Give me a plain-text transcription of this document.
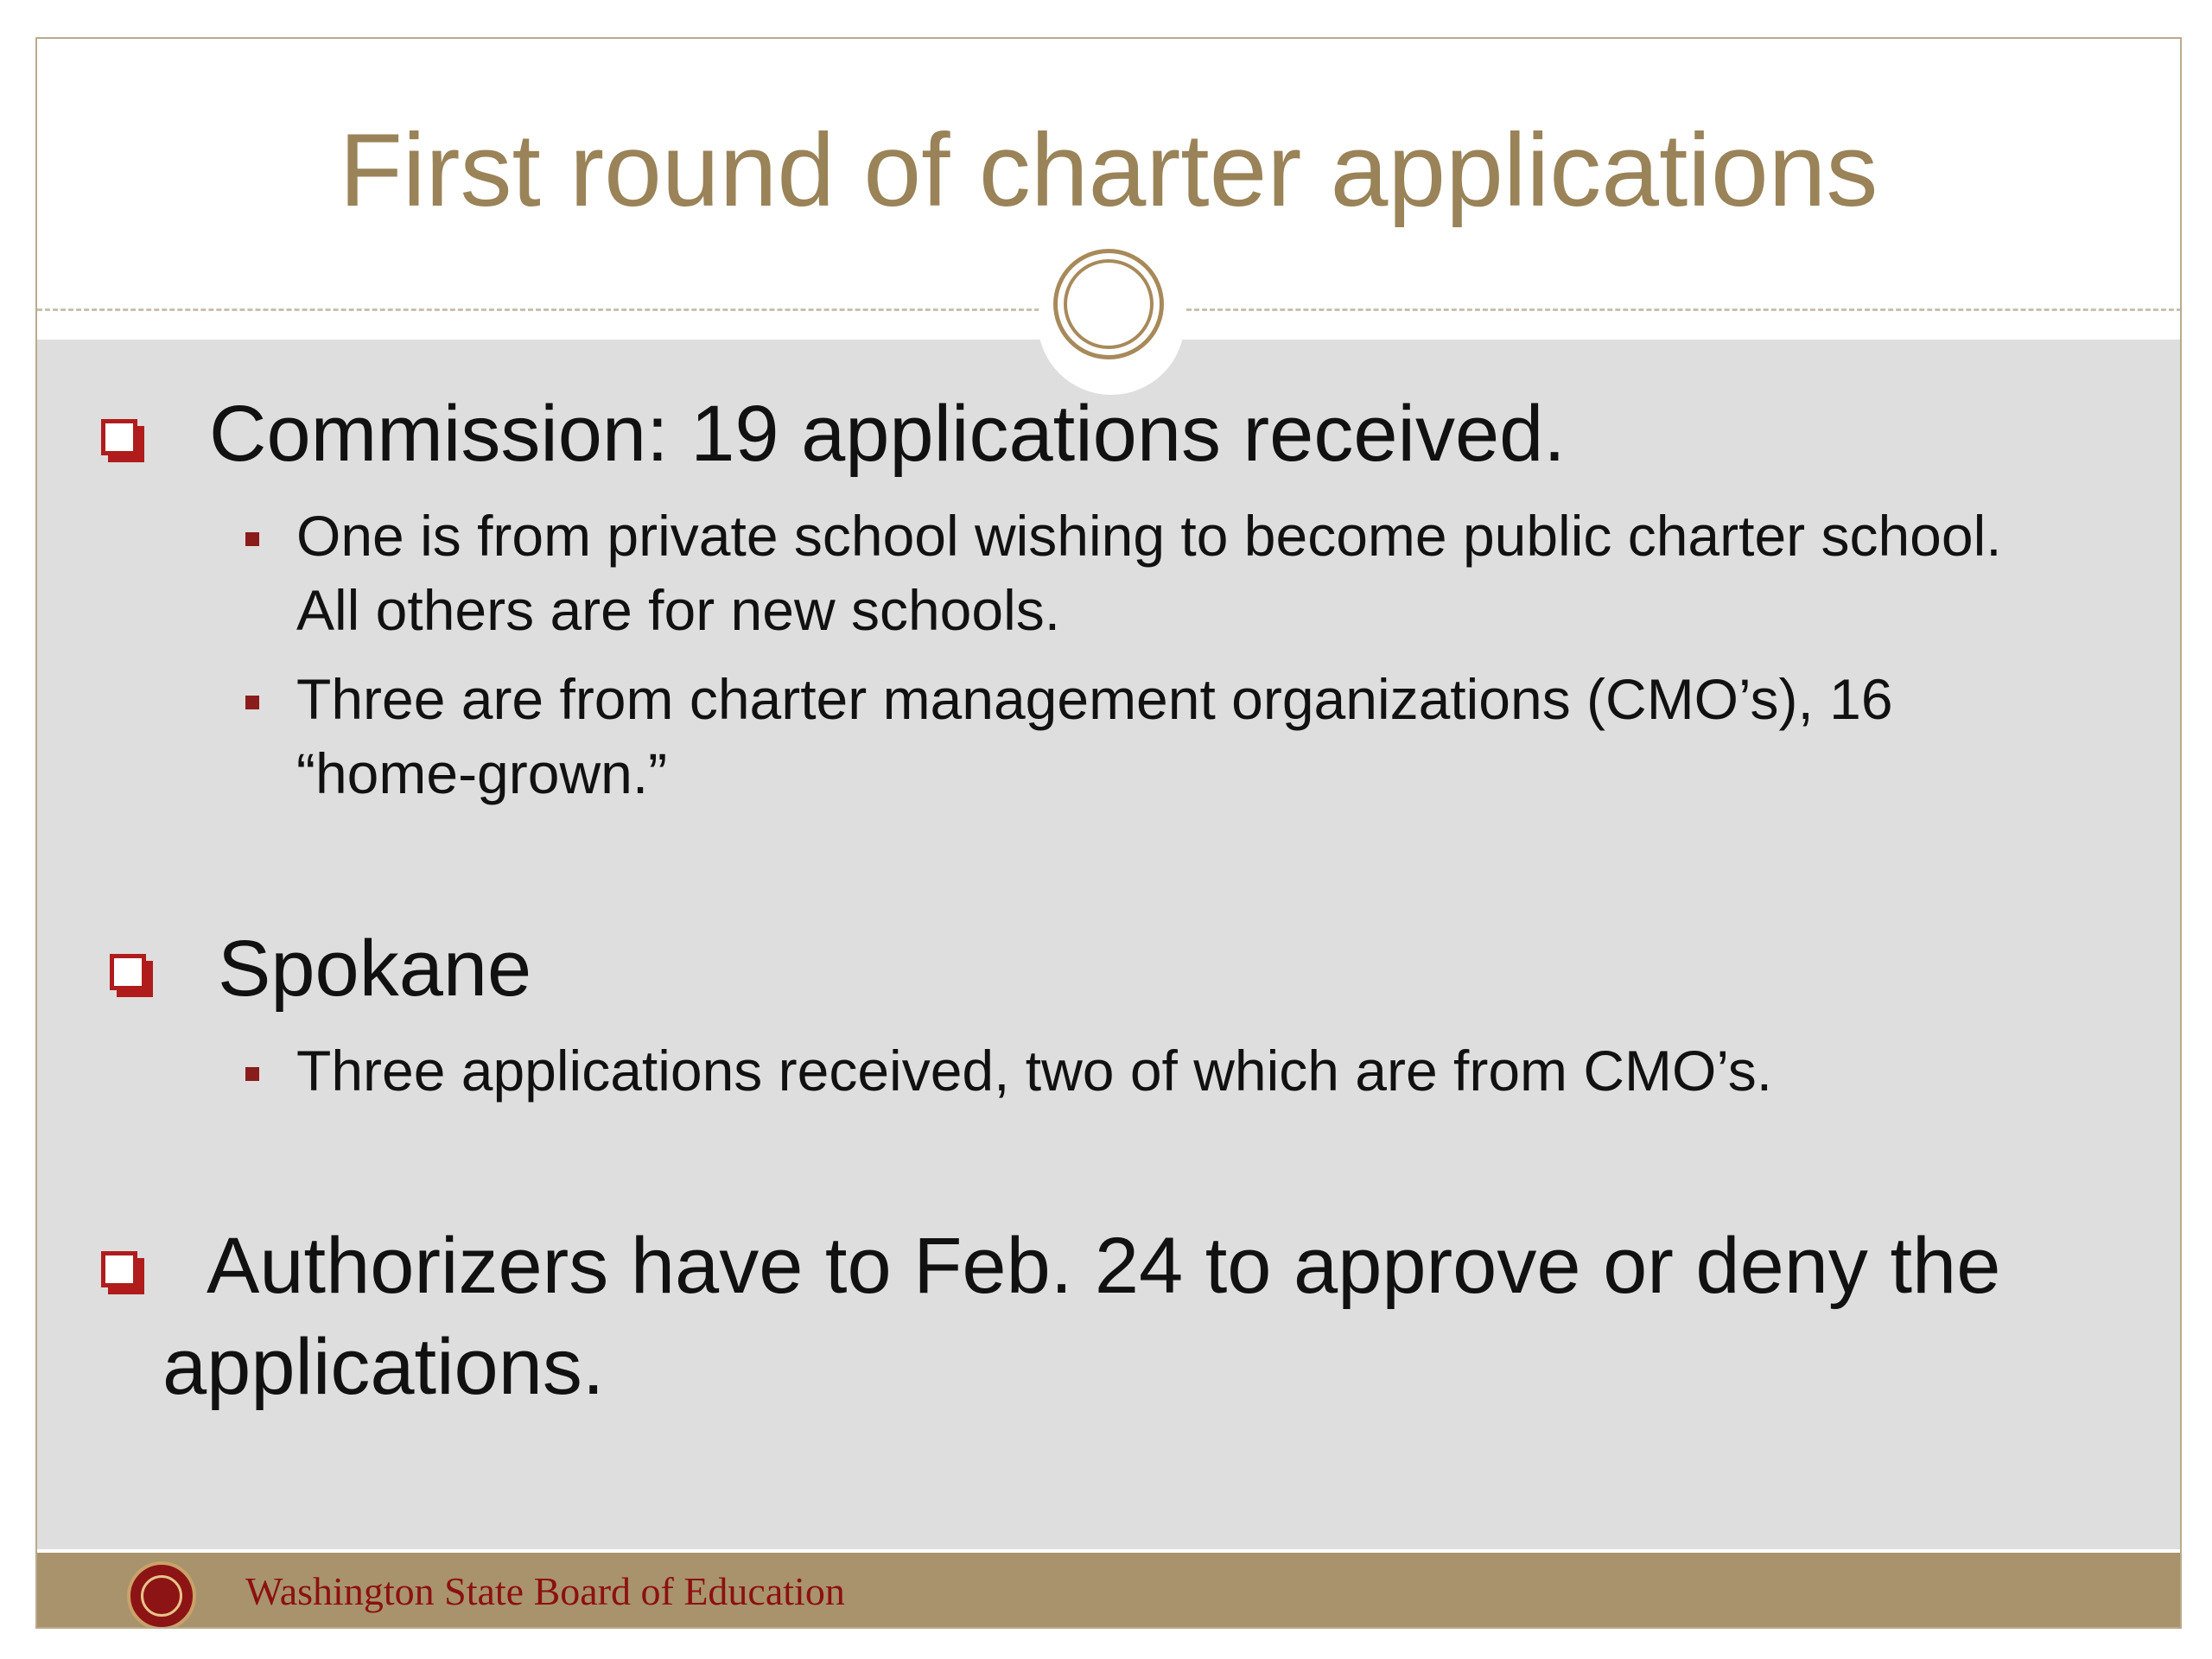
First round of charter applications
Commission: 19 applications received.
One is from private school wishing to become public charter school. All others are for new schools.
Three are from charter management organizations (CMO’s), 16 “home-grown.”
Spokane
Three applications received, two of which are from CMO’s.
Authorizers have to Feb. 24 to approve or deny the
applications.
Washington State Board of Education
